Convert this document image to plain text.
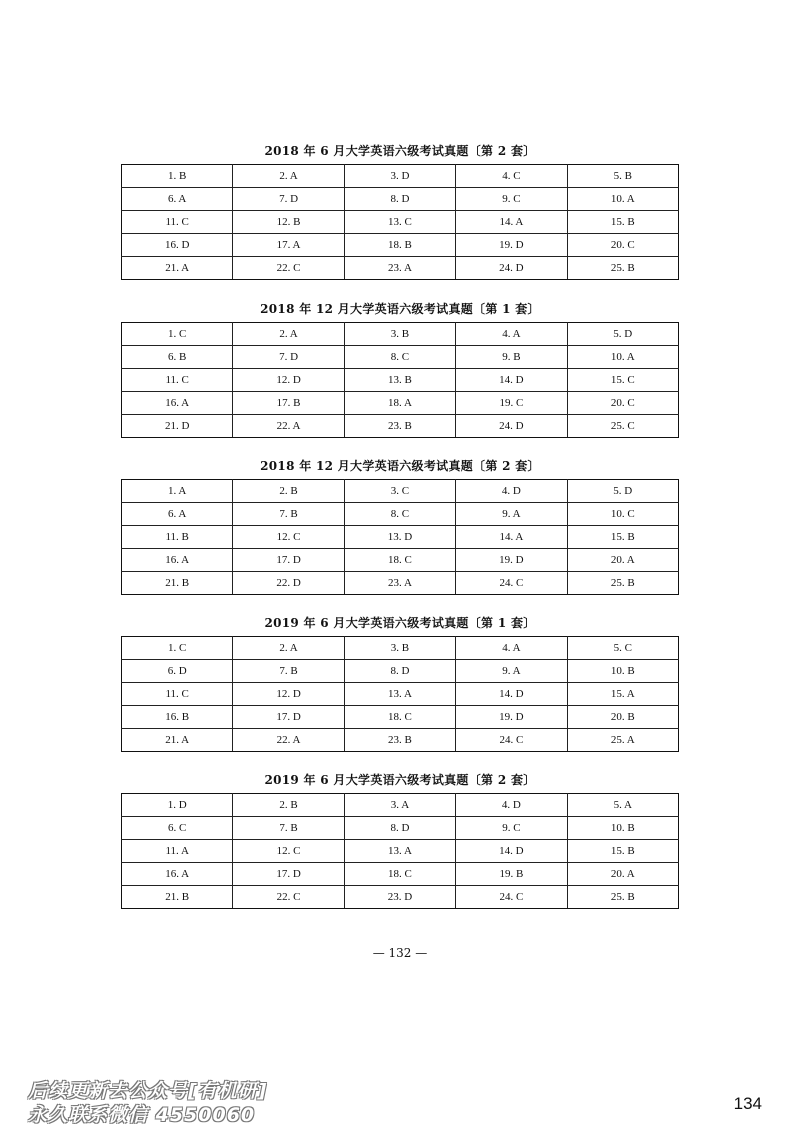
2018 年 6 月大学英语六级考试真题〔第 2 套〕
1. B	2. A	3. D	4. C	5. B
6. A	7. D	8. D	9. C	10. A
11. C	12. B	13. C	14. A	15. B
16. D	17. A	18. B	19. D	20. C
21. A	22. C	23. A	24. D	25. B
2018 年 12 月大学英语六级考试真题〔第 1 套〕
1. C	2. A	3. B	4. A	5. D
6. B	7. D	8. C	9. B	10. A
11. C	12. D	13. B	14. D	15. C
16. A	17. B	18. A	19. C	20. C
21. D	22. A	23. B	24. D	25. C
2018 年 12 月大学英语六级考试真题〔第 2 套〕
1. A	2. B	3. C	4. D	5. D
6. A	7. B	8. C	9. A	10. C
11. B	12. C	13. D	14. A	15. B
16. A	17. D	18. C	19. D	20. A
21. B	22. D	23. A	24. C	25. B
2019 年 6 月大学英语六级考试真题〔第 1 套〕
1. C	2. A	3. B	4. A	5. C
6. D	7. B	8. D	9. A	10. B
11. C	12. D	13. A	14. D	15. A
16. B	17. D	18. C	19. D	20. B
21. A	22. A	23. B	24. C	25. A
2019 年 6 月大学英语六级考试真题〔第 2 套〕
1. D	2. B	3. A	4. D	5. A
6. C	7. B	8. D	9. C	10. B
11. A	12. C	13. A	14. D	15. B
16. A	17. D	18. C	19. B	20. A
21. B	22. C	23. D	24. C	25. B
— 132 —
后续更新去公众号[有机研]
永久联系微信 4550060
134
